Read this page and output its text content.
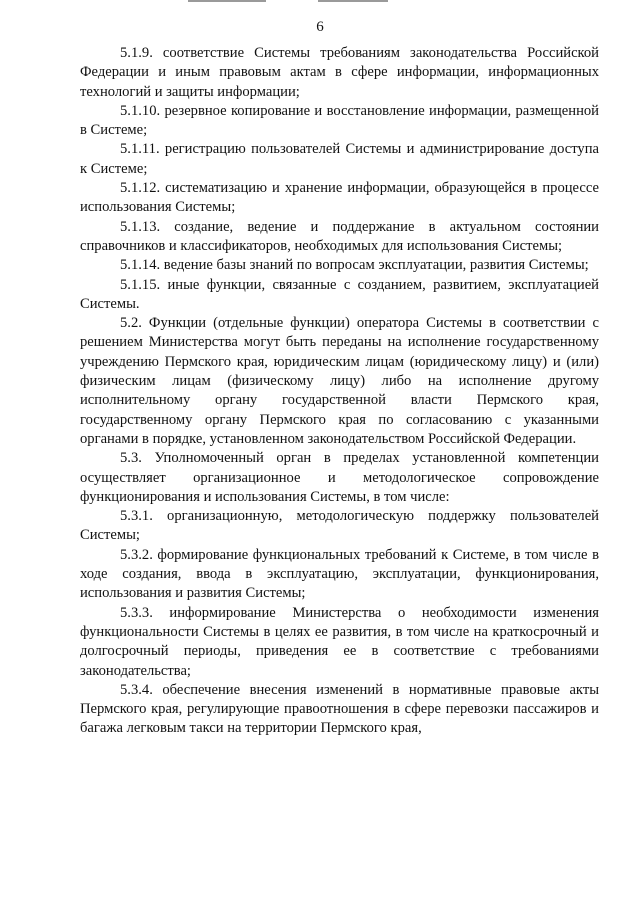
6

5.1.9. соответствие Системы требованиям законодательства Российской Федерации и иным правовым актам в сфере информации, информационных технологий и защиты информации;

5.1.10. резервное копирование и восстановление информации, размещенной в Системе;

5.1.11. регистрацию пользователей Системы и администрирование доступа к Системе;

5.1.12. систематизацию и хранение информации, образующейся в процессе использования Системы;

5.1.13. создание, ведение и поддержание в актуальном состоянии справочников и классификаторов, необходимых для использования Системы;

5.1.14. ведение базы знаний по вопросам эксплуатации, развития Системы;

5.1.15. иные функции, связанные с созданием, развитием, эксплуатацией Системы.

5.2. Функции (отдельные функции) оператора Системы в соответствии с решением Министерства могут быть переданы на исполнение государственному учреждению Пермского края, юридическим лицам (юридическому лицу) и (или) физическим лицам (физическому лицу) либо на исполнение другому исполнительному органу государственной власти Пермского края, государственному органу Пермского края по согласованию с указанными органами в порядке, установленном законодательством Российской Федерации.

5.3. Уполномоченный орган в пределах установленной компетенции осуществляет организационное и методологическое сопровождение функционирования и использования Системы, в том числе:

5.3.1. организационную, методологическую поддержку пользователей Системы;

5.3.2. формирование функциональных требований к Системе, в том числе в ходе создания, ввода в эксплуатацию, эксплуатации, функционирования, использования и развития Системы;

5.3.3. информирование Министерства о необходимости изменения функциональности Системы в целях ее развития, в том числе на краткосрочный и долгосрочный периоды, приведения ее в соответствие с требованиями законодательства;

5.3.4. обеспечение внесения изменений в нормативные правовые акты Пермского края, регулирующие правоотношения в сфере перевозки пассажиров и багажа легковым такси на территории Пермского края,
